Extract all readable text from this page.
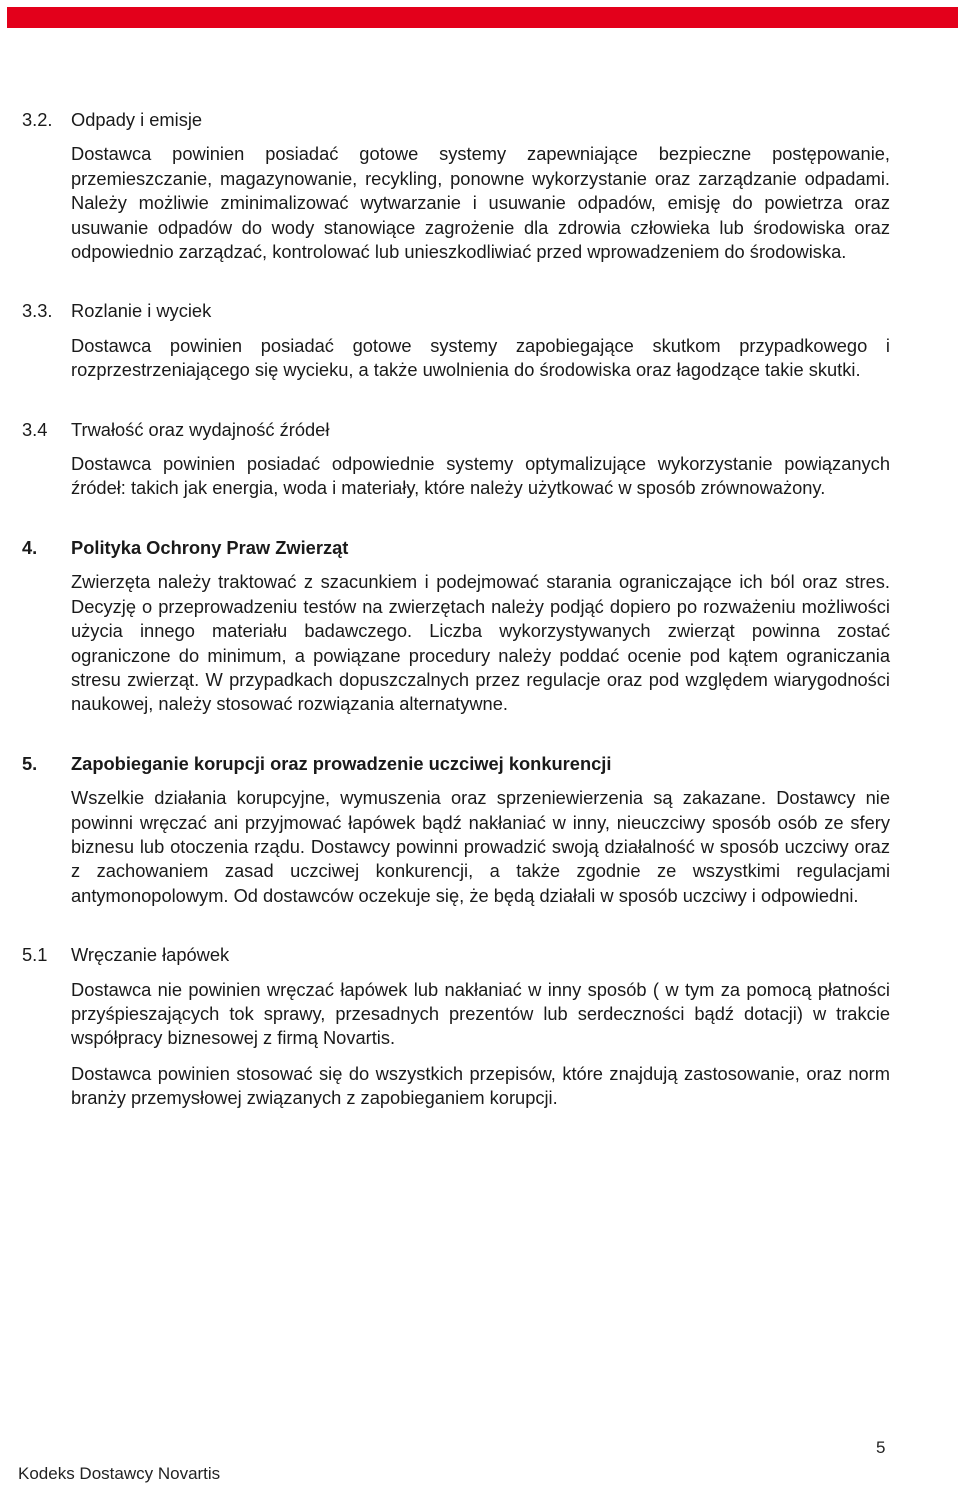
3.2.	Odpady i emisje

Dostawca powinien posiadać gotowe systemy zapewniające bezpieczne postępowanie, przemieszczanie, magazynowanie, recykling, ponowne wykorzystanie oraz zarządzanie odpadami. Należy możliwie zminimalizować wytwarzanie i usuwanie odpadów, emisję do powietrza oraz usuwanie odpadów do wody stanowiące zagrożenie dla zdrowia człowieka lub środowiska oraz odpowiednio zarządzać, kontrolować lub unieszkodliwiać przed wprowadzeniem do środowiska.

3.3.	Rozlanie i wyciek

Dostawca powinien posiadać gotowe systemy zapobiegające skutkom przypadkowego i rozprzestrzeniającego się wycieku, a także uwolnienia do środowiska oraz łagodzące takie skutki.

3.4	Trwałość oraz wydajność źródeł

Dostawca powinien posiadać odpowiednie systemy optymalizujące wykorzystanie powiązanych źródeł: takich jak energia, woda i materiały, które należy użytkować w sposób zrównoważony.

4.	Polityka Ochrony Praw Zwierząt

Zwierzęta należy traktować z szacunkiem i podejmować starania ograniczające ich ból oraz stres. Decyzję o przeprowadzeniu testów na zwierzętach należy podjąć dopiero po rozważeniu możliwości użycia innego materiału badawczego. Liczba wykorzystywanych zwierząt powinna zostać ograniczone do minimum, a powiązane procedury należy poddać ocenie pod kątem ograniczania stresu zwierząt. W przypadkach dopuszczalnych przez regulacje oraz pod względem wiarygodności naukowej, należy stosować rozwiązania alternatywne.

5.	Zapobieganie korupcji oraz prowadzenie uczciwej konkurencji

Wszelkie działania korupcyjne, wymuszenia oraz sprzeniewierzenia są zakazane. Dostawcy nie powinni wręczać ani przyjmować łapówek bądź nakłaniać w inny, nieuczciwy sposób osób ze sfery biznesu lub otoczenia rządu. Dostawcy powinni prowadzić swoją działalność w sposób uczciwy oraz z zachowaniem zasad uczciwej konkurencji, a także zgodnie ze wszystkimi regulacjami antymonopolowym. Od dostawców oczekuje się, że będą działali w sposób uczciwy i odpowiedni.

5.1	Wręczanie łapówek

Dostawca nie powinien wręczać łapówek lub nakłaniać w inny sposób ( w tym za pomocą płatności przyśpieszających tok sprawy, przesadnych prezentów lub serdeczności bądź dotacji) w trakcie współpracy biznesowej z firmą Novartis.

Dostawca powinien stosować się do wszystkich przepisów, które znajdują zastosowanie, oraz norm branży przemysłowej związanych z zapobieganiem korupcji.

5
Kodeks Dostawcy Novartis
